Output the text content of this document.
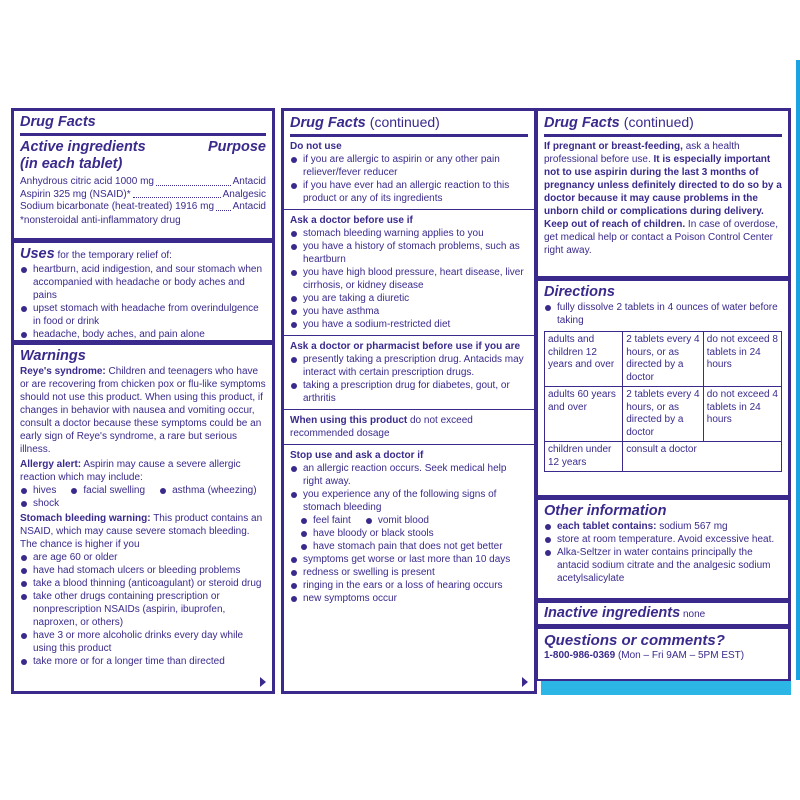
Drug Facts
Active ingredients	Purpose
(in each tablet)
Anhydrous citric acid 1000 mg	Antacid
Aspirin 325 mg (NSAID)*	Analgesic
Sodium bicarbonate (heat-treated) 1916 mg Antacid
*nonsteroidal anti-inflammatory drug
Uses for the temporary relief of:
heartburn, acid indigestion, and sour stomach when accompanied with headache or body aches and pains
upset stomach with headache from overindulgence in food or drink
headache, body aches, and pain alone
Warnings
Reye's syndrome: Children and teenagers who have or are recovering from chicken pox or flu-like symptoms should not use this product. When using this product, if changes in behavior with nausea and vomiting occur, consult a doctor because these symptoms could be an early sign of Reye's syndrome, a rare but serious illness.
Allergy alert: Aspirin may cause a severe allergic reaction which may include:
hives	facial swelling	asthma (wheezing)
shock
Stomach bleeding warning: This product contains an NSAID, which may cause severe stomach bleeding. The chance is higher if you
are age 60 or older
have had stomach ulcers or bleeding problems
take a blood thinning (anticoagulant) or steroid drug
take other drugs containing prescription or nonprescription NSAIDs (aspirin, ibuprofen, naproxen, or others)
have 3 or more alcoholic drinks every day while using this product
take more or for a longer time than directed
Drug Facts (continued)
Do not use
if you are allergic to aspirin or any other pain reliever/fever reducer
if you have ever had an allergic reaction to this product or any of its ingredients
Ask a doctor before use if
stomach bleeding warning applies to you
you have a history of stomach problems, such as heartburn
you have high blood pressure, heart disease, liver cirrhosis, or kidney disease
you are taking a diuretic
you have asthma
you have a sodium-restricted diet
Ask a doctor or pharmacist before use if you are
presently taking a prescription drug. Antacids may interact with certain prescription drugs.
taking a prescription drug for diabetes, gout, or arthritis
When using this product do not exceed recommended dosage
Stop use and ask a doctor if
an allergic reaction occurs. Seek medical help right away.
you experience any of the following signs of stomach bleeding
feel faint	vomit blood
have bloody or black stools
have stomach pain that does not get better
symptoms get worse or last more than 10 days
redness or swelling is present
ringing in the ears or a loss of hearing occurs
new symptoms occur
Drug Facts (continued)
If pregnant or breast-feeding, ask a health professional before use. It is especially important not to use aspirin during the last 3 months of pregnancy unless definitely directed to do so by a doctor because it may cause problems in the unborn child or complications during delivery.
Keep out of reach of children. In case of overdose, get medical help or contact a Poison Control Center right away.
Directions
fully dissolve 2 tablets in 4 ounces of water before taking
adults and children 12 years and over	2 tablets every 4 hours, or as directed by a doctor	do not exceed 8 tablets in 24 hours
adults 60 years and over	2 tablets every 4 hours, or as directed by a doctor	do not exceed 4 tablets in 24 hours
children under 12 years	consult a doctor	
Other information
each tablet contains: sodium 567 mg
store at room temperature. Avoid excessive heat.
Alka-Seltzer in water contains principally the antacid sodium citrate and the analgesic sodium acetylsalicylate
Inactive ingredients none
Questions or comments?
1-800-986-0369 (Mon – Fri 9AM – 5PM EST)
